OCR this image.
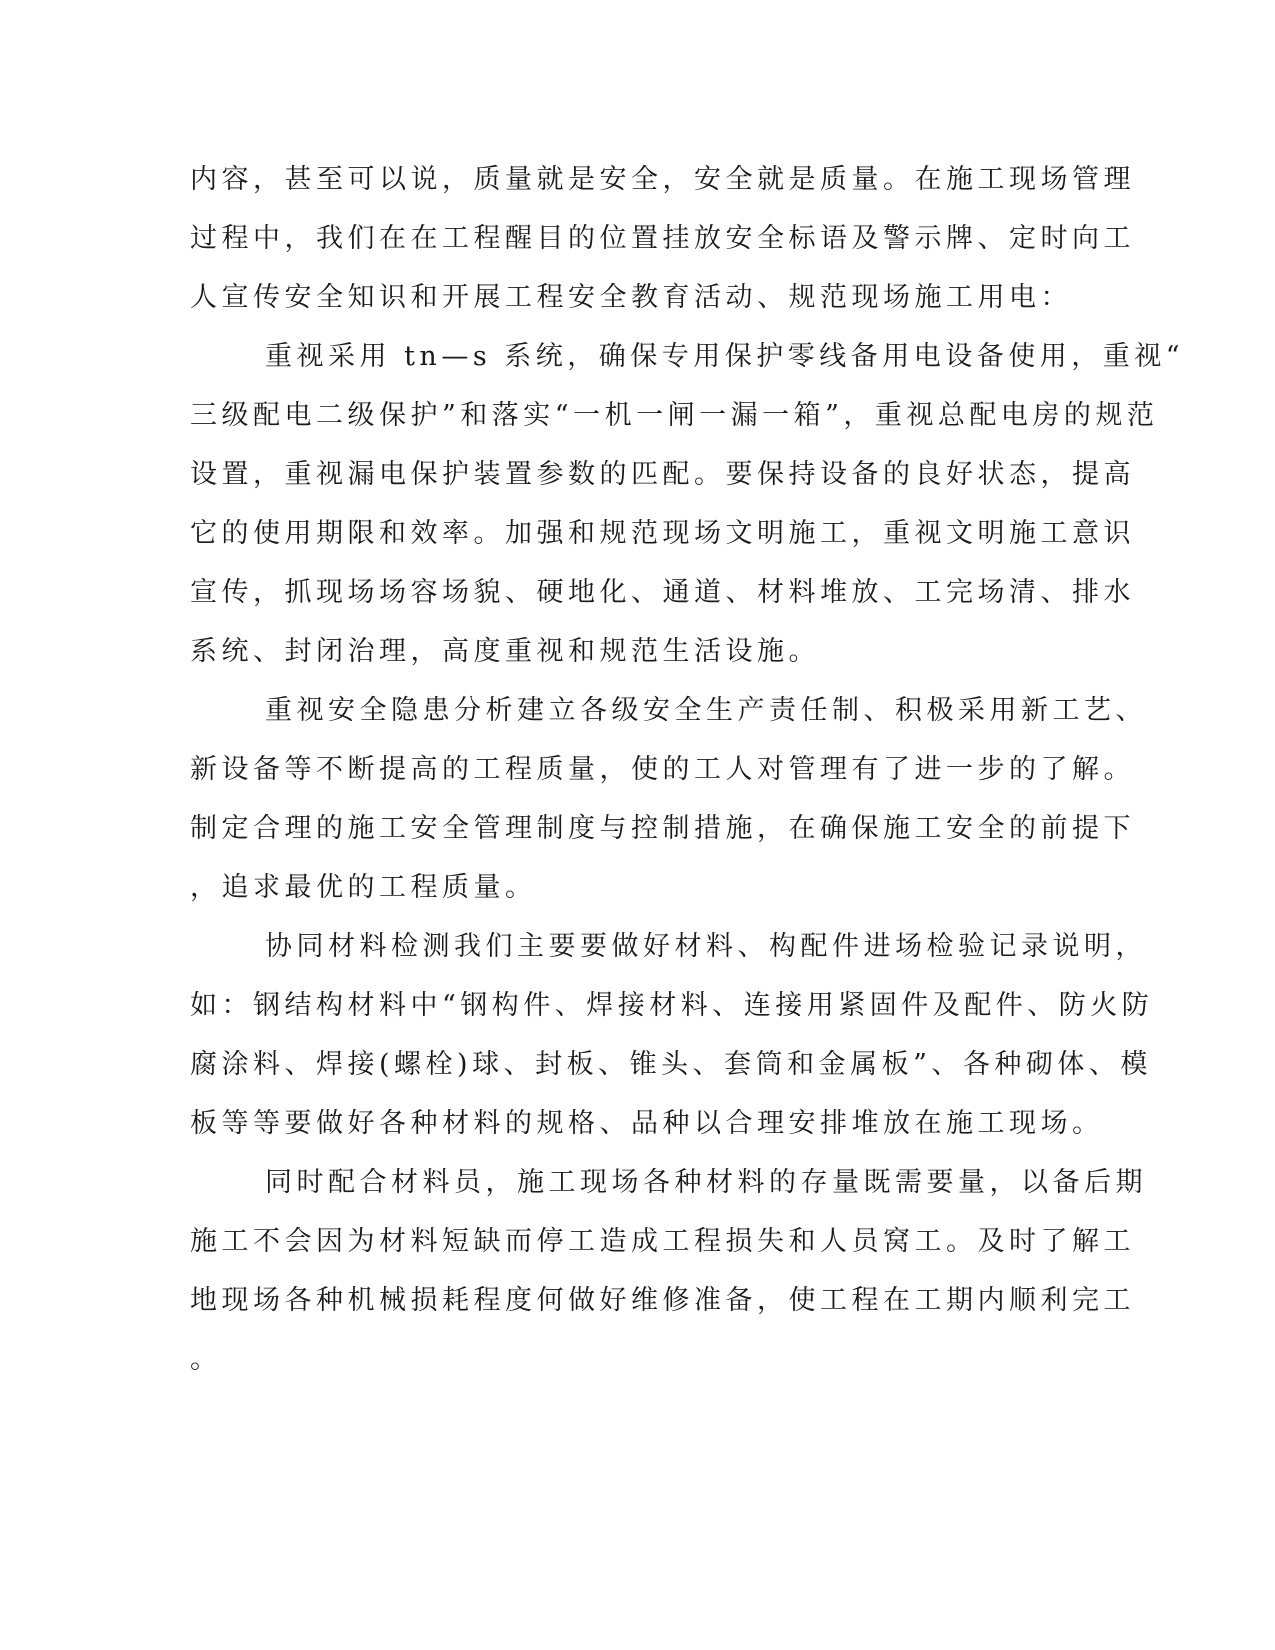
内容，甚至可以说，质量就是安全，安全就是质量。在施工现场管理
过程中，我们在在工程醒目的位置挂放安全标语及警示牌、定时向工
人宣传安全知识和开展工程安全教育活动、规范现场施工用电：
重视采用 tn—s 系统，确保专用保护零线备用电设备使用，重视“
三级配电二级保护”和落实“一机一闸一漏一箱”，重视总配电房的规范
设置，重视漏电保护装置参数的匹配。要保持设备的良好状态，提高
它的使用期限和效率。加强和规范现场文明施工，重视文明施工意识
宣传，抓现场场容场貌、硬地化、通道、材料堆放、工完场清、排水
系统、封闭治理，高度重视和规范生活设施。
重视安全隐患分析建立各级安全生产责任制、积极采用新工艺、
新设备等不断提高的工程质量，使的工人对管理有了进一步的了解。
制定合理的施工安全管理制度与控制措施，在确保施工安全的前提下
，追求最优的工程质量。
协同材料检测我们主要要做好材料、构配件进场检验记录说明，
如：钢结构材料中“钢构件、焊接材料、连接用紧固件及配件、防火防
腐涂料、焊接(螺栓)球、封板、锥头、套筒和金属板”、各种砌体、模
板等等要做好各种材料的规格、品种以合理安排堆放在施工现场。
同时配合材料员，施工现场各种材料的存量既需要量，以备后期
施工不会因为材料短缺而停工造成工程损失和人员窝工。及时了解工
地现场各种机械损耗程度何做好维修准备，使工程在工期内顺利完工
。
